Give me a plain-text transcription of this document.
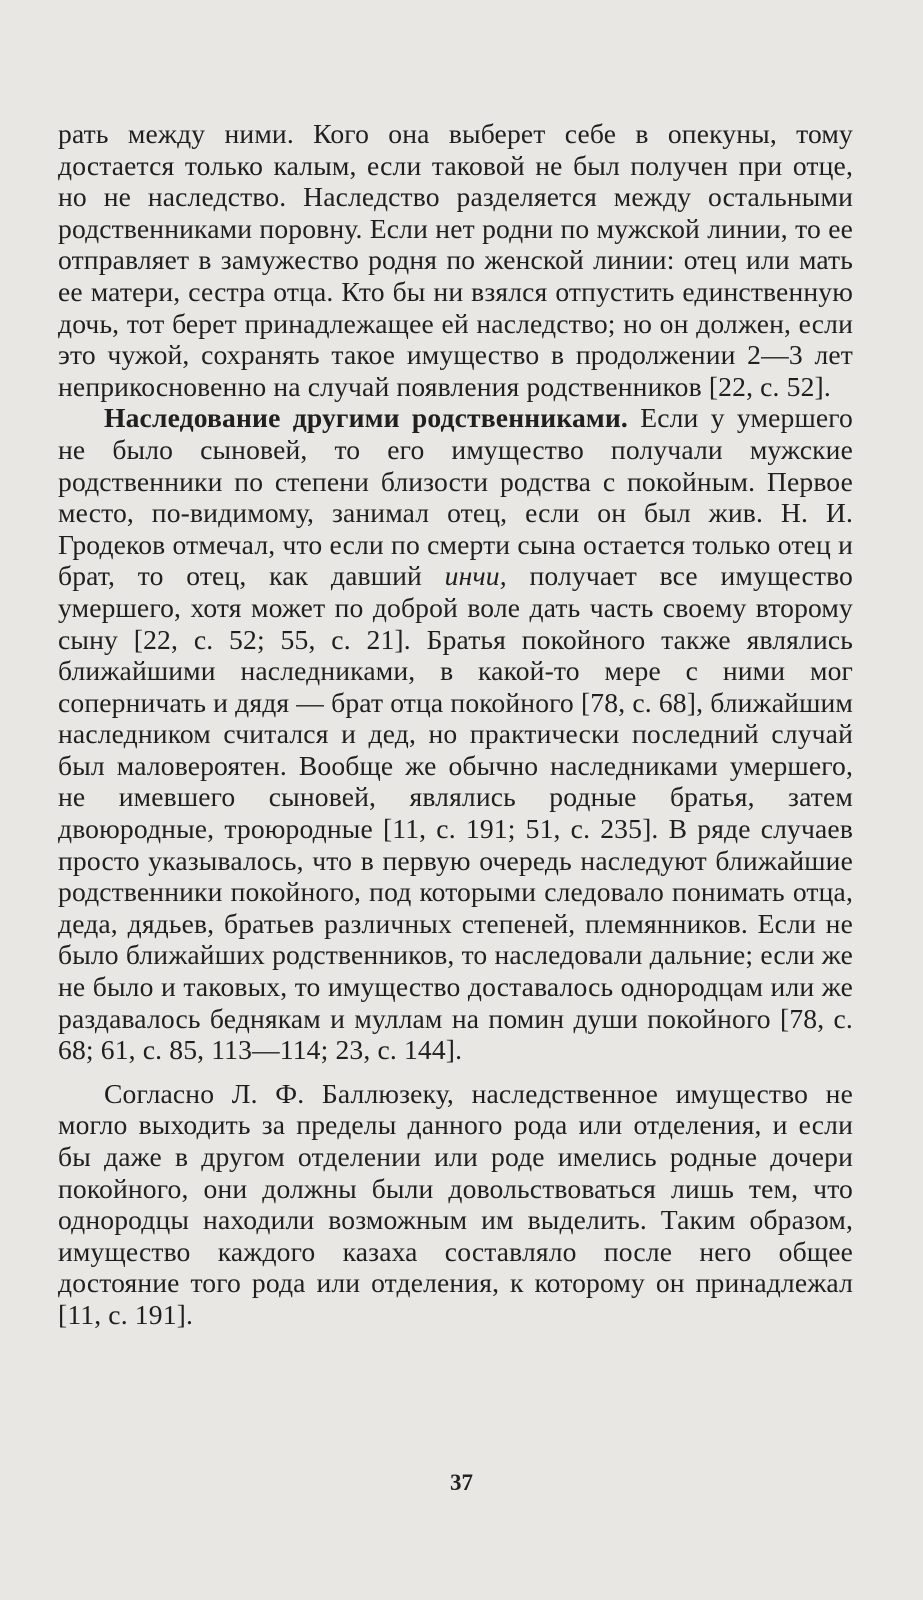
рать между ними. Кого она выберет себе в опекуны, тому достается только калым, если таковой не был получен при отце, но не наследство. Наследство разделяется между остальными родственниками поровну. Если нет родни по мужской линии, то ее отправляет в замужество родня по женской линии: отец или мать ее матери, сестра отца. Кто бы ни взялся отпустить единственную дочь, тот берет принадлежащее ей наследство; но он должен, если это чужой, сохранять такое имущество в продолжении 2—3 лет неприкосновенно на случай появления родственников [22, с. 52].

Наследование другими родственниками. Если у умершего не было сыновей, то его имущество получали мужские родственники по степени близости родства с покойным. Первое место, по-видимому, занимал отец, если он был жив. Н. И. Гродеков отмечал, что если по смерти сына остается только отец и брат, то отец, как давший инчи, получает все имущество умершего, хотя может по доброй воле дать часть своему второму сыну [22, с. 52; 55, с. 21]. Братья покойного также являлись ближайшими наследниками, в какой-то мере с ними мог соперничать и дядя — брат отца покойного [78, с. 68], ближайшим наследником считался и дед, но практически последний случай был маловероятен. Вообще же обычно наследниками умершего, не имевшего сыновей, являлись родные братья, затем двоюродные, троюродные [11, с. 191; 51, с. 235]. В ряде случаев просто указывалось, что в первую очередь наследуют ближайшие родственники покойного, под которыми следовало понимать отца, деда, дядьев, братьев различных степеней, племянников. Если не было ближайших родственников, то наследовали дальние; если же не было и таковых, то имущество доставалось однородцам или же раздавалось беднякам и муллам на помин души покойного [78, с. 68; 61, с. 85, 113—114; 23, с. 144].

Согласно Л. Ф. Баллюзеку, наследственное имущество не могло выходить за пределы данного рода или отделения, и если бы даже в другом отделении или роде имелись родные дочери покойного, они должны были довольствоваться лишь тем, что однородцы находили возможным им выделить. Таким образом, имущество каждого казаха составляло после него общее достояние того рода или отделения, к которому он принадлежал [11, с. 191].

37
